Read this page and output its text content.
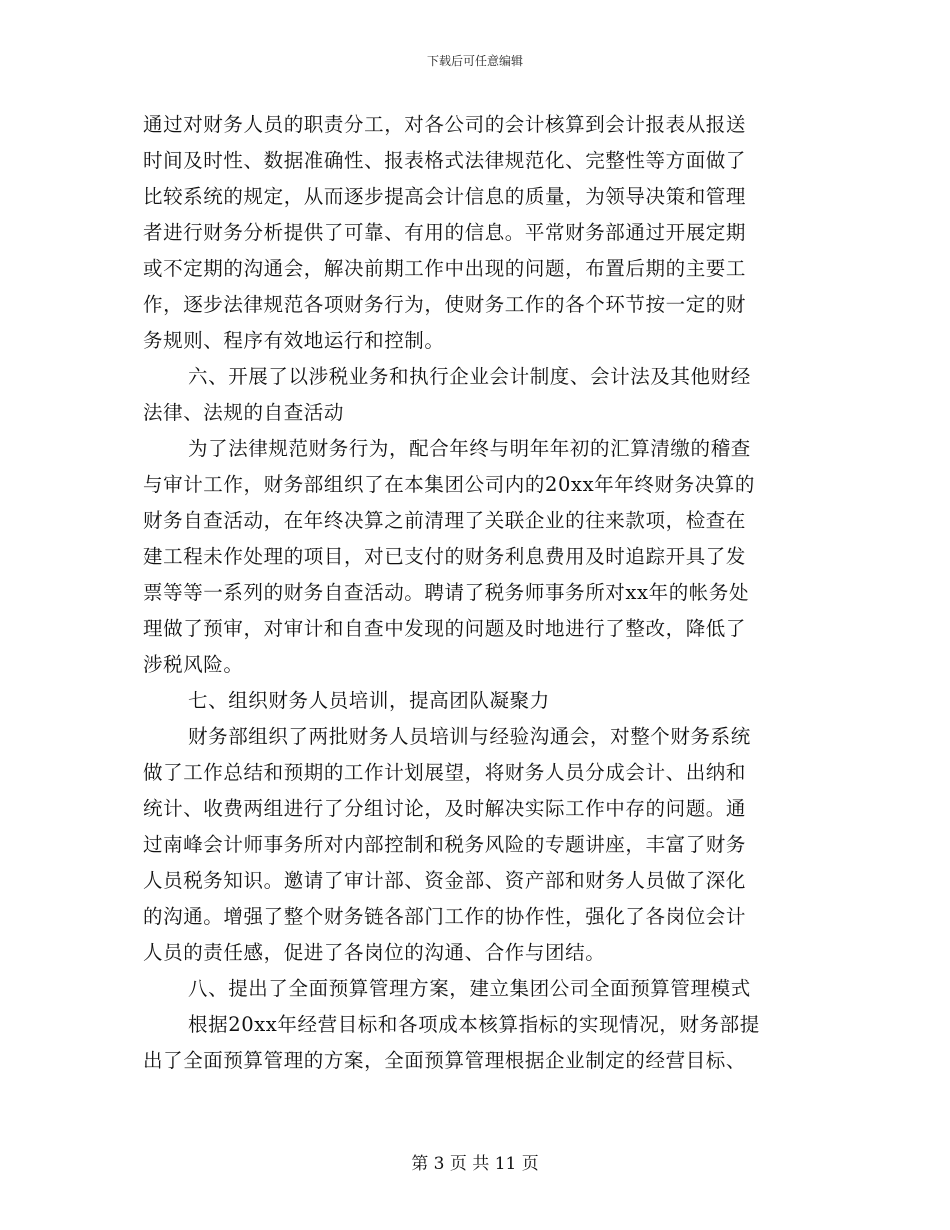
下载后可任意编辑
通过对财务人员的职责分工，对各公司的会计核算到会计报表从报送
时间及时性、数据准确性、报表格式法律规范化、完整性等方面做了
比较系统的规定，从而逐步提高会计信息的质量，为领导决策和管理
者进行财务分析提供了可靠、有用的信息。平常财务部通过开展定期
或不定期的沟通会，解决前期工作中出现的问题，布置后期的主要工
作，逐步法律规范各项财务行为，使财务工作的各个环节按一定的财
务规则、程序有效地运行和控制。
六、开展了以涉税业务和执行企业会计制度、会计法及其他财经
法律、法规的自查活动
为了法律规范财务行为，配合年终与明年年初的汇算清缴的稽查
与审计工作，财务部组织了在本集团公司内的20xx年年终财务决算的
财务自查活动，在年终决算之前清理了关联企业的往来款项，检查在
建工程未作处理的项目，对已支付的财务利息费用及时追踪开具了发
票等等一系列的财务自查活动。聘请了税务师事务所对xx年的帐务处
理做了预审，对审计和自查中发现的问题及时地进行了整改，降低了
涉税风险。
七、组织财务人员培训，提高团队凝聚力
财务部组织了两批财务人员培训与经验沟通会，对整个财务系统
做了工作总结和预期的工作计划展望，将财务人员分成会计、出纳和
统计、收费两组进行了分组讨论，及时解决实际工作中存的问题。通
过南峰会计师事务所对内部控制和税务风险的专题讲座，丰富了财务
人员税务知识。邀请了审计部、资金部、资产部和财务人员做了深化
的沟通。增强了整个财务链各部门工作的协作性，强化了各岗位会计
人员的责任感，促进了各岗位的沟通、合作与团结。
八、提出了全面预算管理方案，建立集团公司全面预算管理模式
根据20xx年经营目标和各项成本核算指标的实现情况，财务部提
出了全面预算管理的方案，全面预算管理根据企业制定的经营目标、
第 3 页 共 11 页
